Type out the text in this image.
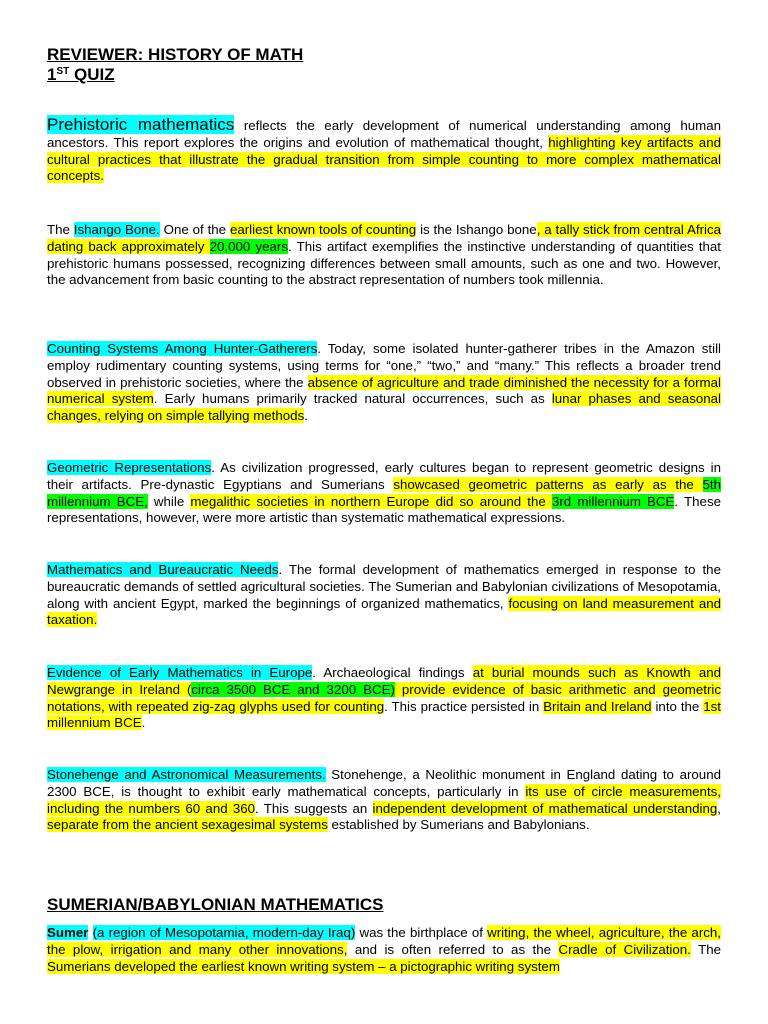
REVIEWER: HISTORY OF MATH
1ST QUIZ
Prehistoric mathematics reflects the early development of numerical understanding among human ancestors. This report explores the origins and evolution of mathematical thought, highlighting key artifacts and cultural practices that illustrate the gradual transition from simple counting to more complex mathematical concepts.
The Ishango Bone. One of the earliest known tools of counting is the Ishango bone, a tally stick from central Africa dating back approximately 20,000 years. This artifact exemplifies the instinctive understanding of quantities that prehistoric humans possessed, recognizing differences between small amounts, such as one and two. However, the advancement from basic counting to the abstract representation of numbers took millennia.
Counting Systems Among Hunter-Gatherers. Today, some isolated hunter-gatherer tribes in the Amazon still employ rudimentary counting systems, using terms for “one,” “two,” and “many.” This reflects a broader trend observed in prehistoric societies, where the absence of agriculture and trade diminished the necessity for a formal numerical system. Early humans primarily tracked natural occurrences, such as lunar phases and seasonal changes, relying on simple tallying methods.
Geometric Representations. As civilization progressed, early cultures began to represent geometric designs in their artifacts. Pre-dynastic Egyptians and Sumerians showcased geometric patterns as early as the 5th millennium BCE, while megalithic societies in northern Europe did so around the 3rd millennium BCE. These representations, however, were more artistic than systematic mathematical expressions.
Mathematics and Bureaucratic Needs. The formal development of mathematics emerged in response to the bureaucratic demands of settled agricultural societies. The Sumerian and Babylonian civilizations of Mesopotamia, along with ancient Egypt, marked the beginnings of organized mathematics, focusing on land measurement and taxation.
Evidence of Early Mathematics in Europe. Archaeological findings at burial mounds such as Knowth and Newgrange in Ireland (circa 3500 BCE and 3200 BCE) provide evidence of basic arithmetic and geometric notations, with repeated zig-zag glyphs used for counting. This practice persisted in Britain and Ireland into the 1st millennium BCE.
Stonehenge and Astronomical Measurements. Stonehenge, a Neolithic monument in England dating to around 2300 BCE, is thought to exhibit early mathematical concepts, particularly in its use of circle measurements, including the numbers 60 and 360. This suggests an independent development of mathematical understanding, separate from the ancient sexagesimal systems established by Sumerians and Babylonians.
SUMERIAN/BABYLONIAN MATHEMATICS
Sumer (a region of Mesopotamia, modern-day Iraq) was the birthplace of writing, the wheel, agriculture, the arch, the plow, irrigation and many other innovations, and is often referred to as the Cradle of Civilization. The Sumerians developed the earliest known writing system – a pictographic writing system
